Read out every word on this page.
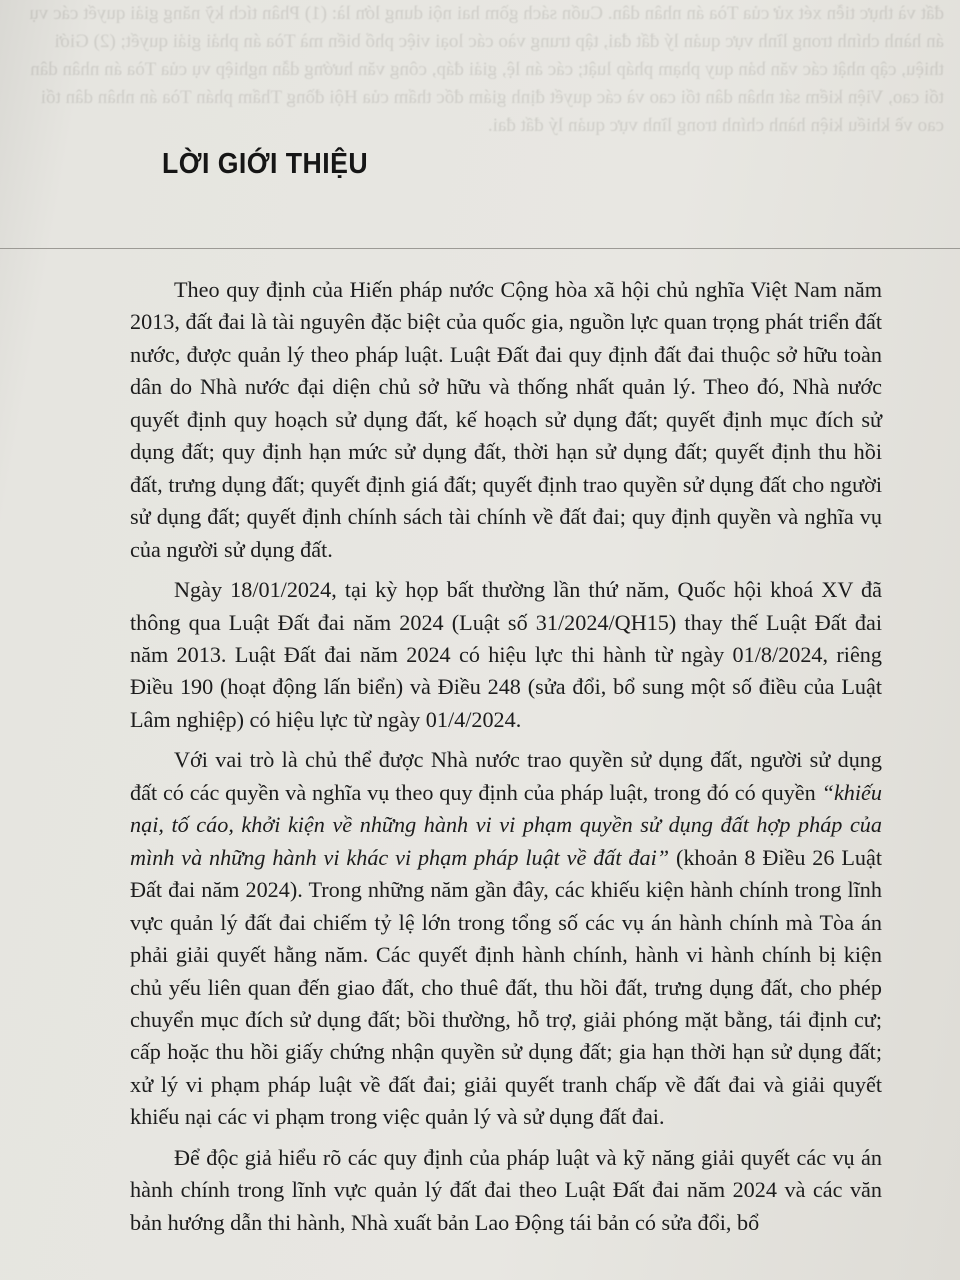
đất và thực tiễn xét xử của Tòa án nhân dân. Cuốn sách gồm hai nội dung lớn là: (1) Phân tích kỹ năng giải quyết các vụ án hành chính trong lĩnh vực quản lý đất đai, tập trung vào các loại việc phổ biến mà Tòa án phải giải quyết; (2) Giới thiệu, cập nhật các văn bản quy phạm pháp luật; các án lệ, giải đáp, công văn hướng dẫn nghiệp vụ của Tòa án nhân dân tối cao, Viện kiểm sát nhân dân tối cao và các quyết định giám đốc thẩm của Hội đồng Thẩm phán Tòa án nhân dân tối cao về khiếu kiện hành chính trong lĩnh vực quản lý đất đai.
LỜI GIỚI THIỆU

Theo quy định của Hiến pháp nước Cộng hòa xã hội chủ nghĩa Việt Nam năm 2013, đất đai là tài nguyên đặc biệt của quốc gia, nguồn lực quan trọng phát triển đất nước, được quản lý theo pháp luật. Luật Đất đai quy định đất đai thuộc sở hữu toàn dân do Nhà nước đại diện chủ sở hữu và thống nhất quản lý. Theo đó, Nhà nước quyết định quy hoạch sử dụng đất, kế hoạch sử dụng đất; quyết định mục đích sử dụng đất; quy định hạn mức sử dụng đất, thời hạn sử dụng đất; quyết định thu hồi đất, trưng dụng đất; quyết định giá đất; quyết định trao quyền sử dụng đất cho người sử dụng đất; quyết định chính sách tài chính về đất đai; quy định quyền và nghĩa vụ của người sử dụng đất.

Ngày 18/01/2024, tại kỳ họp bất thường lần thứ năm, Quốc hội khoá XV đã thông qua Luật Đất đai năm 2024 (Luật số 31/2024/QH15) thay thế Luật Đất đai năm 2013. Luật Đất đai năm 2024 có hiệu lực thi hành từ ngày 01/8/2024, riêng Điều 190 (hoạt động lấn biển) và Điều 248 (sửa đổi, bổ sung một số điều của Luật Lâm nghiệp) có hiệu lực từ ngày 01/4/2024.

Với vai trò là chủ thể được Nhà nước trao quyền sử dụng đất, người sử dụng đất có các quyền và nghĩa vụ theo quy định của pháp luật, trong đó có quyền “khiếu nại, tố cáo, khởi kiện về những hành vi vi phạm quyền sử dụng đất hợp pháp của mình và những hành vi khác vi phạm pháp luật về đất đai” (khoản 8 Điều 26 Luật Đất đai năm 2024). Trong những năm gần đây, các khiếu kiện hành chính trong lĩnh vực quản lý đất đai chiếm tỷ lệ lớn trong tổng số các vụ án hành chính mà Tòa án phải giải quyết hằng năm. Các quyết định hành chính, hành vi hành chính bị kiện chủ yếu liên quan đến giao đất, cho thuê đất, thu hồi đất, trưng dụng đất, cho phép chuyển mục đích sử dụng đất; bồi thường, hỗ trợ, giải phóng mặt bằng, tái định cư; cấp hoặc thu hồi giấy chứng nhận quyền sử dụng đất; gia hạn thời hạn sử dụng đất; xử lý vi phạm pháp luật về đất đai; giải quyết tranh chấp về đất đai và giải quyết khiếu nại các vi phạm trong việc quản lý và sử dụng đất đai.

Để độc giả hiểu rõ các quy định của pháp luật và kỹ năng giải quyết các vụ án hành chính trong lĩnh vực quản lý đất đai theo Luật Đất đai năm 2024 và các văn bản hướng dẫn thi hành, Nhà xuất bản Lao Động tái bản có sửa đổi, bổ
